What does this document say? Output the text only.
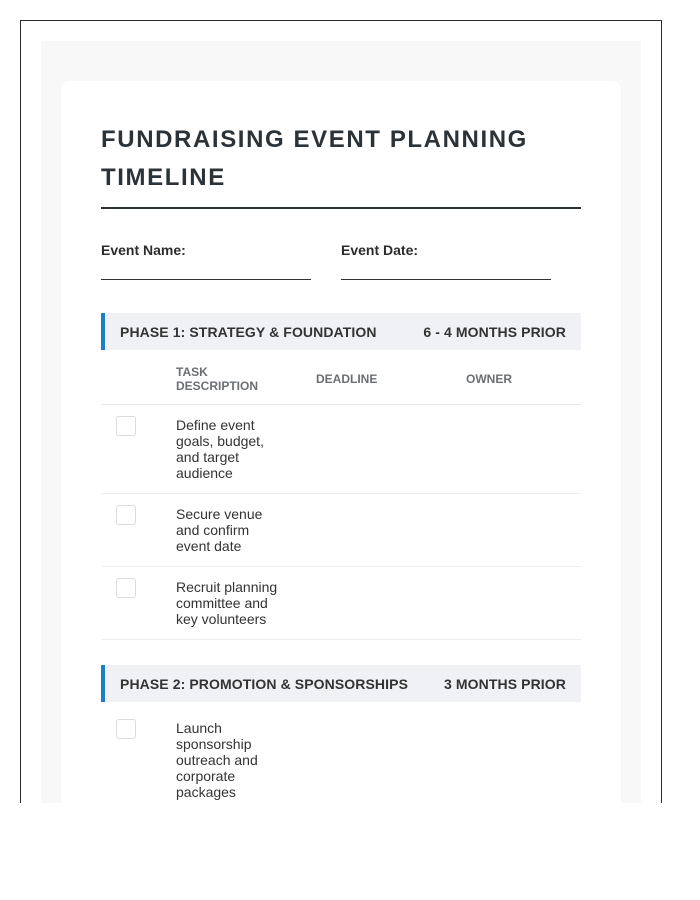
FUNDRAISING EVENT PLANNING TIMELINE
Event Name:	Event Date:
PHASE 1: STRATEGY & FOUNDATION	6 - 4 MONTHS PRIOR
	TASK DESCRIPTION	DEADLINE	OWNER

	Define event goals, budget, and target audience		

	Secure venue and confirm event date		

	Recruit planning committee and key volunteers		
PHASE 2: PROMOTION & SPONSORSHIPS	3 MONTHS PRIOR
	Launch sponsorship outreach and corporate packages		
